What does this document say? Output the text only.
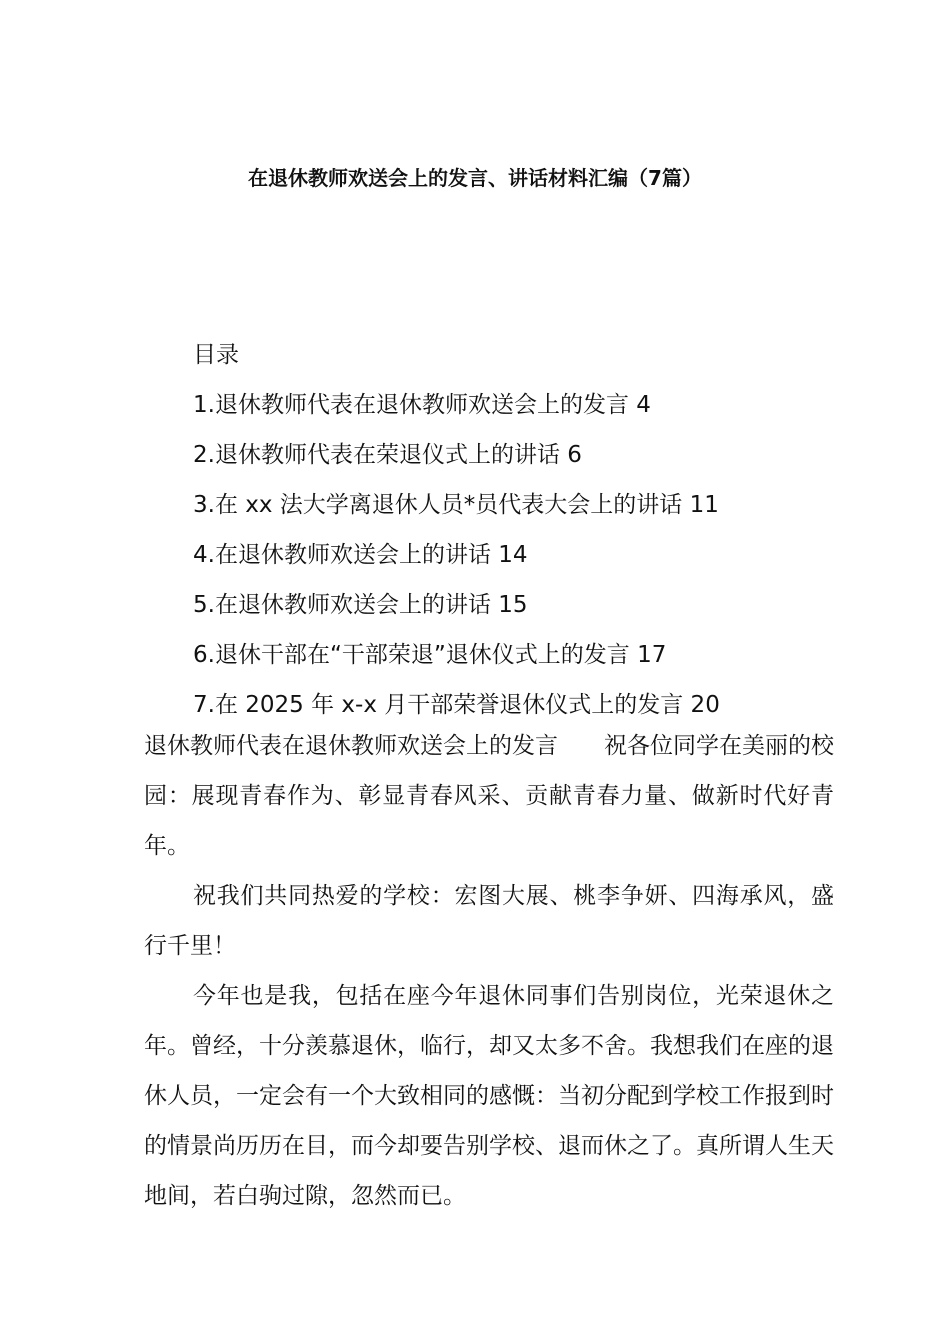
在退休教师欢送会上的发言、讲话材料汇编（7篇）
目录
1.退休教师代表在退休教师欢送会上的发言 4
2.退休教师代表在荣退仪式上的讲话 6
3.在 xx 法大学离退休人员*员代表大会上的讲话 11
4.在退休教师欢送会上的讲话 14
5.在退休教师欢送会上的讲话 15
6.退休干部在“干部荣退”退休仪式上的发言 17
7.在 2025 年 x-x 月干部荣誉退休仪式上的发言 20

退休教师代表在退休教师欢送会上的发言 祝各位同学在美丽的校园：展现青春作为、彰显青春风采、贡献青春力量、做新时代好青年。

祝我们共同热爱的学校：宏图大展、桃李争妍、四海承风，盛行千里！

今年也是我，包括在座今年退休同事们告别岗位，光荣退休之年。曾经，十分羡慕退休，临行，却又太多不舍。我想我们在座的退休人员，一定会有一个大致相同的感慨：当初分配到学校工作报到时的情景尚历历在目，而今却要告别学校、退而休之了。真所谓人生天地间，若白驹过隙，忽然而已。
